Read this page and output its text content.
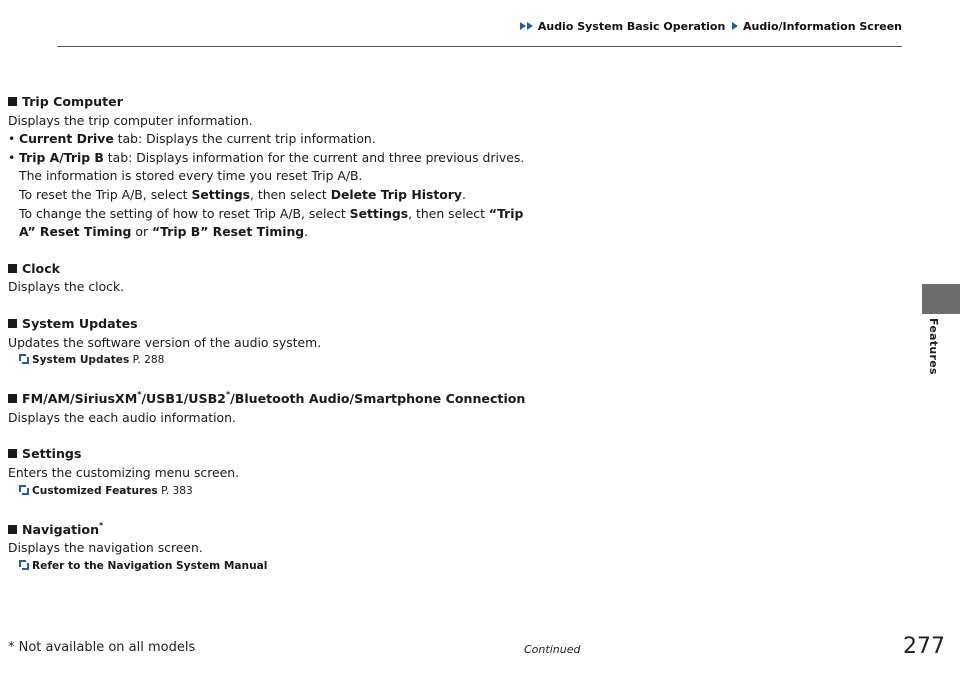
Audio System Basic Operation Audio/Information Screen
Features
Trip Computer
Displays the trip computer information.
• Current Drive tab: Displays the current trip information.
• Trip A/Trip B tab: Displays information for the current and three previous drives.
The information is stored every time you reset Trip A/B.
To reset the Trip A/B, select Settings, then select Delete Trip History.
To change the setting of how to reset Trip A/B, select Settings, then select “Trip
A” Reset Timing or “Trip B” Reset Timing.
Clock
Displays the clock.
System Updates
Updates the software version of the audio system.
System Updates P. 288
FM/AM/SiriusXM*/USB1/USB2*/Bluetooth Audio/Smartphone Connection
Displays the each audio information.
Settings
Enters the customizing menu screen.
Customized Features P. 383
Navigation*
Displays the navigation screen.
Refer to the Navigation System Manual
* Not available on all models	Continued	277
